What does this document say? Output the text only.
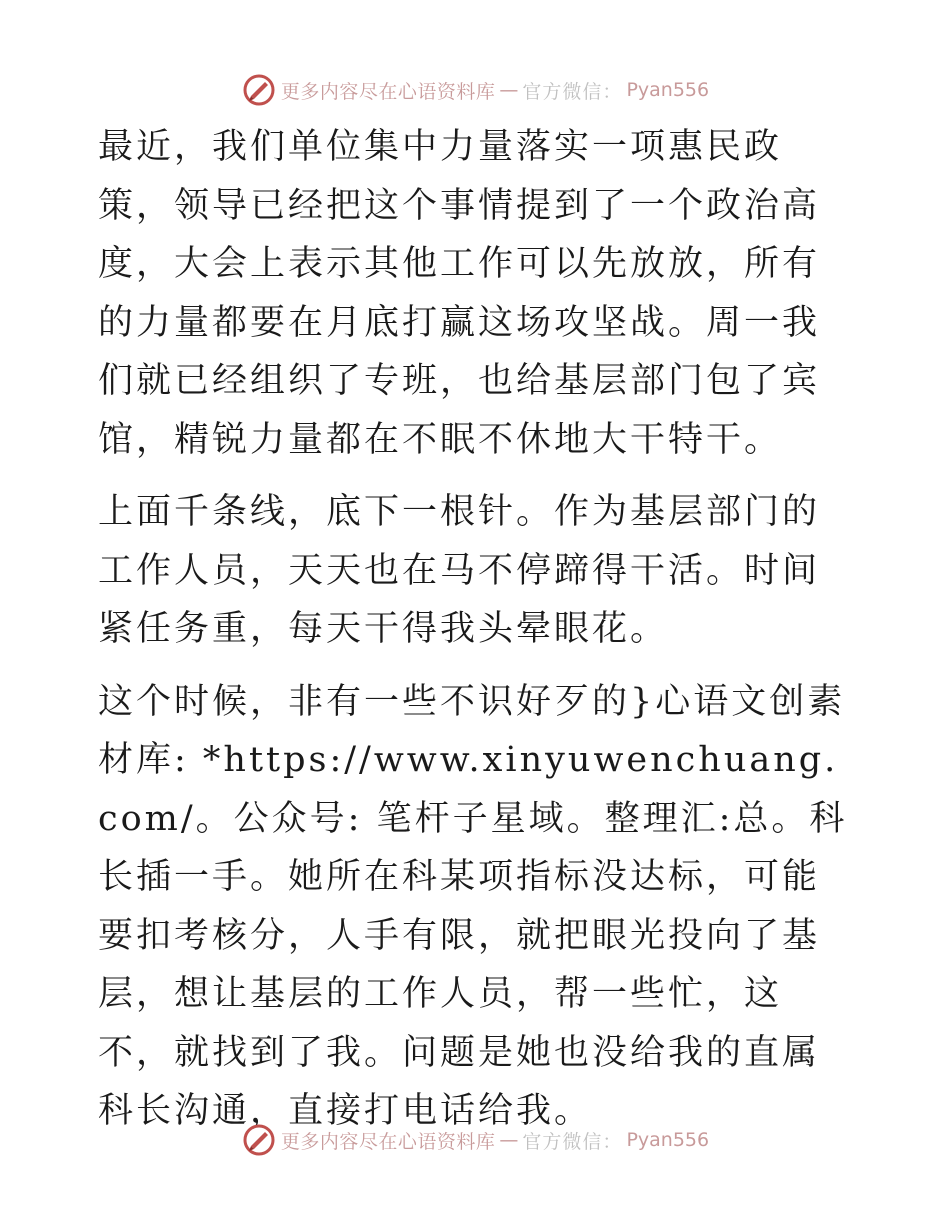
更多内容尽在心语资料库 — 官方微信： Pyan556

最近，我们单位集中力量落实一项惠民政策，领导已经把这个事情提到了一个政治高度，大会上表示其他工作可以先放放，所有的力量都要在月底打赢这场攻坚战。周一我们就已经组织了专班，也给基层部门包了宾馆，精锐力量都在不眠不休地大干特干。

上面千条线，底下一根针。作为基层部门的工作人员，天天也在马不停蹄得干活。时间紧任务重，每天干得我头晕眼花。

这个时候，非有一些不识好歹的}心语文创素材库: *https://www.xinyuwenchuang.com/。公众号: 笔杆子星域。整理汇:总。科长插一手。她所在科某项指标没达标，可能要扣考核分，人手有限，就把眼光投向了基层，想让基层的工作人员，帮一些忙，这不，就找到了我。问题是她也没给我的直属科长沟通，直接打电话给我。

更多内容尽在心语资料库 — 官方微信： Pyan556
